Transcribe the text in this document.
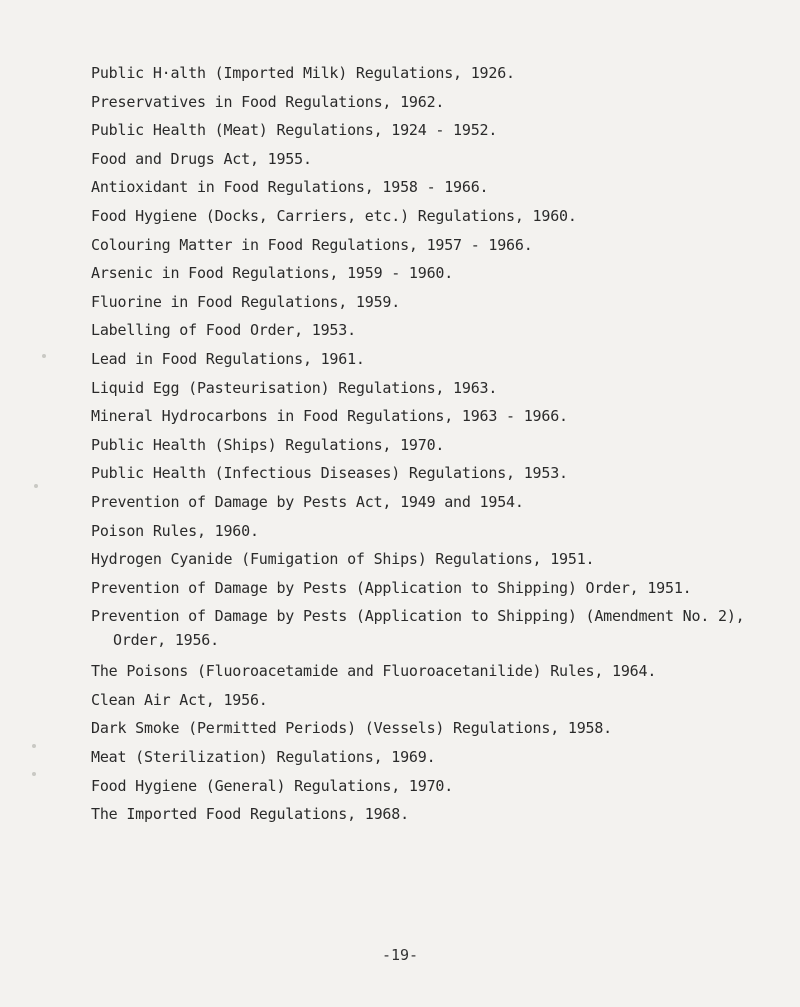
Public H·alth (Imported Milk) Regulations, 1926.
Preservatives in Food Regulations, 1962.
Public Health (Meat) Regulations, 1924 - 1952.
Food and Drugs Act, 1955.
Antioxidant in Food Regulations, 1958 - 1966.
Food Hygiene (Docks, Carriers, etc.) Regulations, 1960.
Colouring Matter in Food Regulations, 1957 - 1966.
Arsenic in Food Regulations, 1959 - 1960.
Fluorine in Food Regulations, 1959.
Labelling of Food Order, 1953.
Lead in Food Regulations, 1961.
Liquid Egg (Pasteurisation) Regulations, 1963.
Mineral Hydrocarbons in Food Regulations, 1963 - 1966.
Public Health (Ships) Regulations, 1970.
Public Health (Infectious Diseases) Regulations, 1953.
Prevention of Damage by Pests Act, 1949 and 1954.
Poison Rules, 1960.
Hydrogen Cyanide (Fumigation of Ships) Regulations, 1951.
Prevention of Damage by Pests (Application to Shipping) Order, 1951.
Prevention of Damage by Pests (Application to Shipping) (Amendment No. 2), Order, 1956.
The Poisons (Fluoroacetamide and Fluoroacetanilide) Rules, 1964.
Clean Air Act, 1956.
Dark Smoke (Permitted Periods) (Vessels) Regulations, 1958.
Meat (Sterilization) Regulations, 1969.
Food Hygiene (General) Regulations, 1970.
The Imported Food Regulations, 1968.
-19-
